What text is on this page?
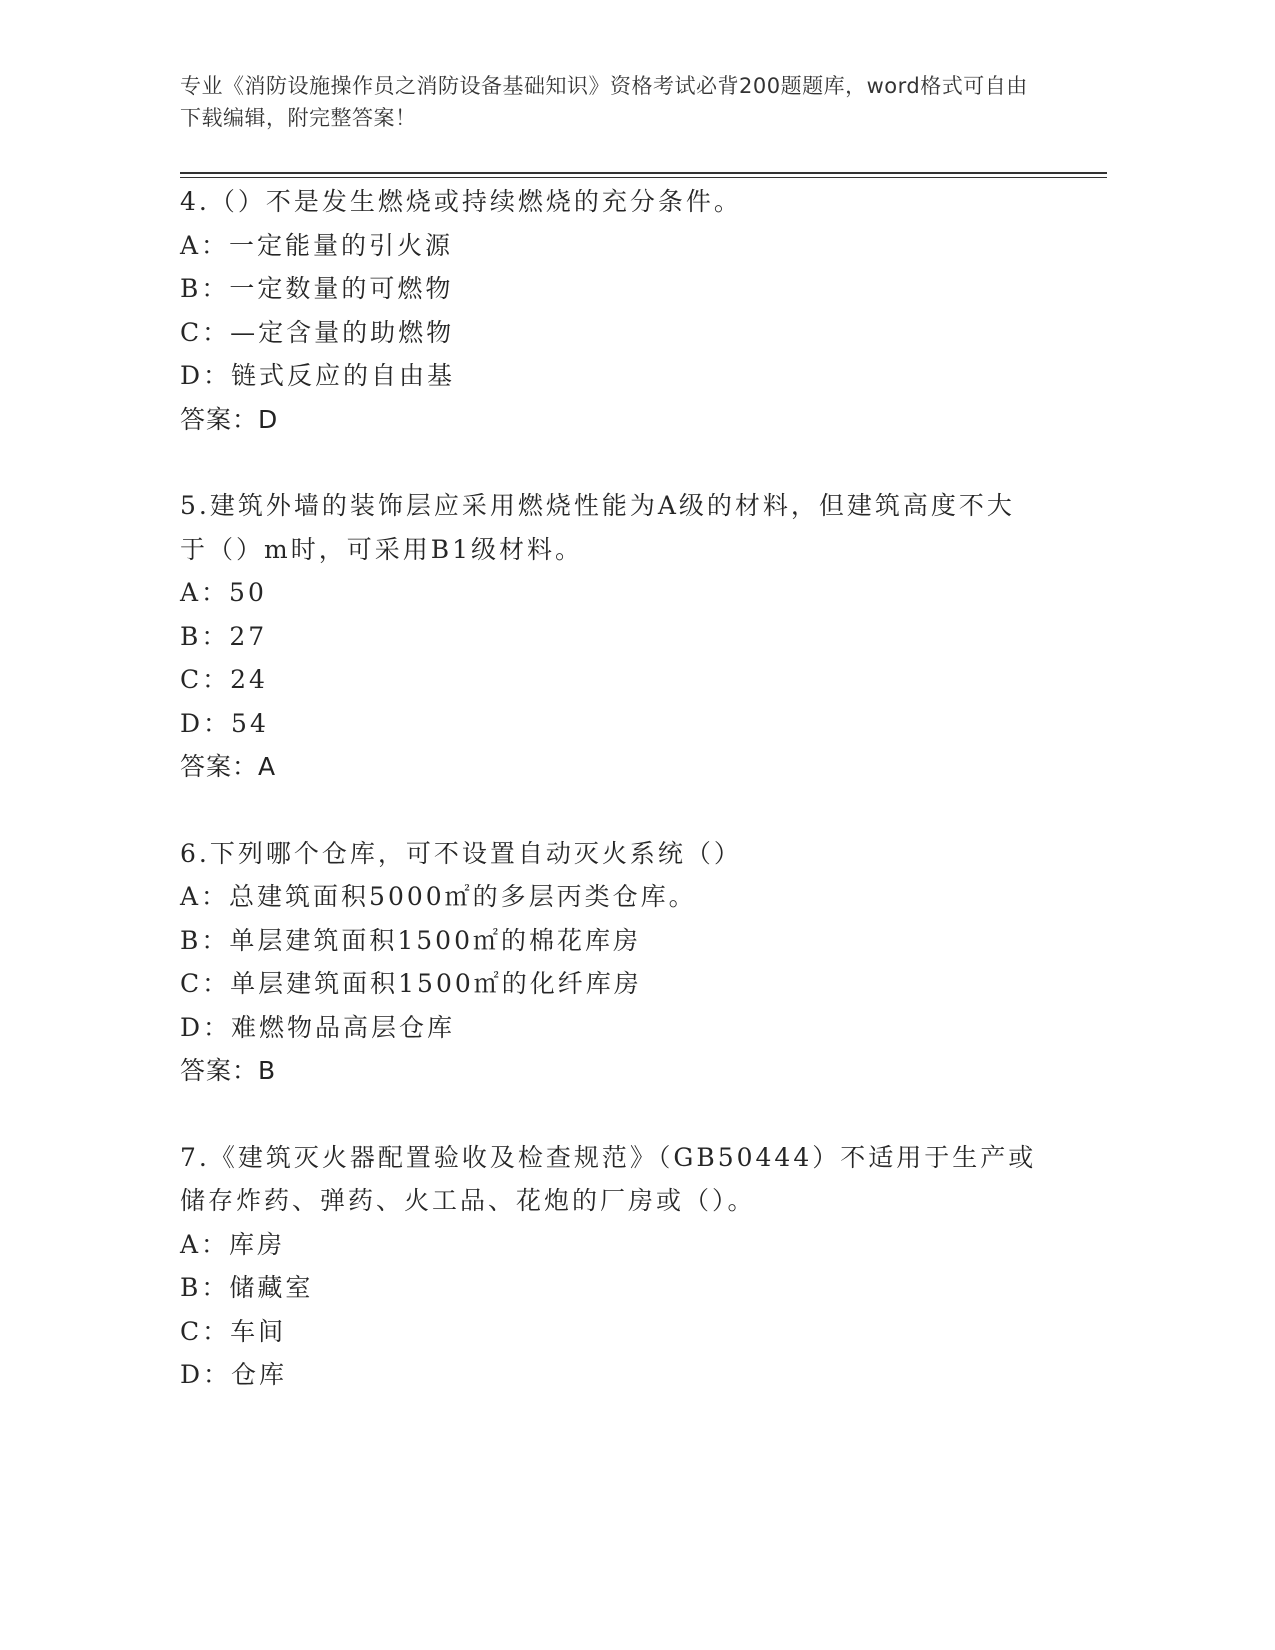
专业《消防设施操作员之消防设备基础知识》资格考试必背200题题库，word格式可自由下载编辑，附完整答案！
4.（）不是发生燃烧或持续燃烧的充分条件。
A：一定能量的引火源
B：一定数量的可燃物
C：—定含量的助燃物
D：链式反应的自由基
答案：D
5.建筑外墙的装饰层应采用燃烧性能为A级的材料，但建筑高度不大于（）m时，可采用B1级材料。
A：50
B：27
C：24
D：54
答案：A
6.下列哪个仓库，可不设置自动灭火系统（）
A：总建筑面积5000㎡的多层丙类仓库。
B：单层建筑面积1500㎡的棉花库房
C：单层建筑面积1500㎡的化纤库房
D：难燃物品高层仓库
答案：B
7.《建筑灭火器配置验收及检查规范》（GB50444）不适用于生产或储存炸药、弹药、火工品、花炮的厂房或（）。
A：库房
B：储藏室
C：车间
D：仓库
